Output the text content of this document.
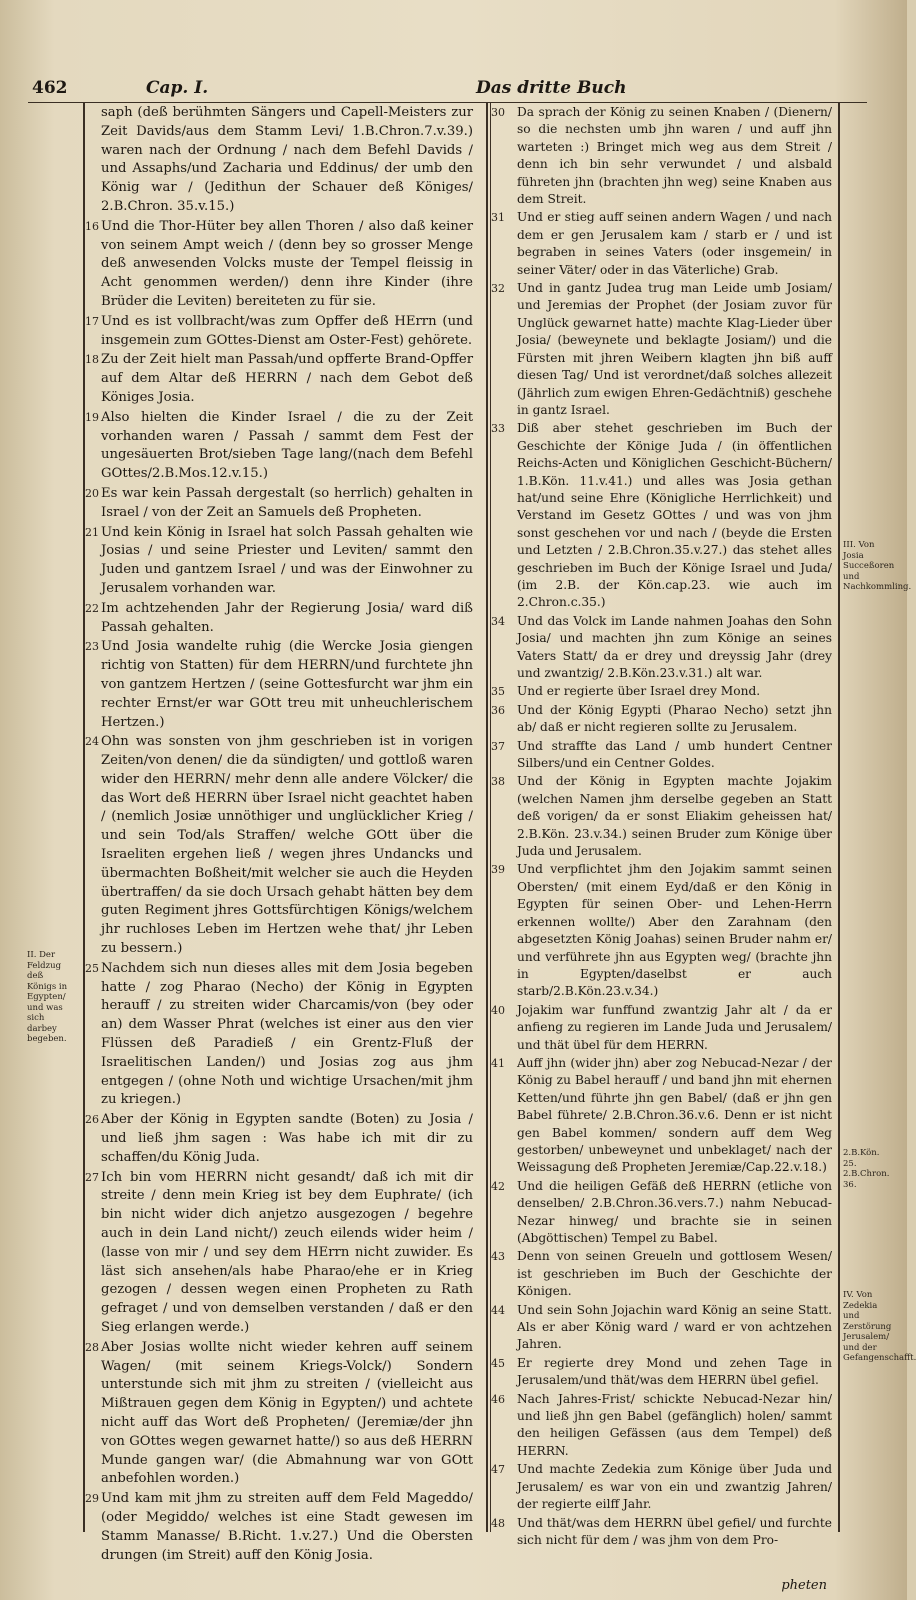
462	Cap. I.	Das dritte Buch
saph (deß berühmten Sängers und Capell-Meisters zur Zeit Davids/aus dem Stamm Levi/ 1.B.Chron.7.v.39.) waren nach der Ordnung / nach dem Befehl Davids / und Assaphs/und Zacharia und Eddinus/ der umb den König war / (Jedithun der Schauer deß Königes/ 2.B.Chron. 35.v.15.)
16 Und die Thor-Hüter bey allen Thoren / also daß keiner von seinem Ampt weich / (denn bey so grosser Menge deß anwesenden Volcks muste der Tempel fleissig in Acht genommen werden/) denn ihre Kinder (ihre Brüder die Leviten) bereiteten zu für sie.
17 Und es ist vollbracht/was zum Opffer deß HErrn (und insgemein zum GOttes-Dienst am Oster-Fest) gehörete.
18 Zu der Zeit hielt man Passah/und opfferte Brand-Opffer auf dem Altar deß HERRN / nach dem Gebot deß Königes Josia.
19 Also hielten die Kinder Israel / die zu der Zeit vorhanden waren / Passah / sammt dem Fest der ungesäuerten Brot/sieben Tage lang/(nach dem Befehl GOttes/2.B.Mos.12.v.15.)
20 Es war kein Passah dergestalt (so herrlich) gehalten in Israel / von der Zeit an Samuels deß Propheten.
21 Und kein König in Israel hat solch Passah gehalten wie Josias / und seine Priester und Leviten/ sammt den Juden und gantzem Israel / und was der Einwohner zu Jerusalem vorhanden war.
22 Im achtzehenden Jahr der Regierung Josia/ ward diß Passah gehalten.
23 Und Josia wandelte ruhig (die Wercke Josia giengen richtig von Statten) für dem HERRN/und furchtete jhn von gantzem Hertzen / (seine Gottesfurcht war jhm ein rechter Ernst/er war GOtt treu mit unheuchlerischem Hertzen.)
24 Ohn was sonsten von jhm geschrieben ist in vorigen Zeiten/von denen/ die da sündigten/ und gottloß waren wider den HERRN/ mehr denn alle andere Völcker/ die das Wort deß HERRN über Israel nicht geachtet haben / (nemlich Josiæ unnöthiger und unglücklicher Krieg / und sein Tod/als Straffen/ welche GOtt über die Israeliten ergehen ließ / wegen jhres Undancks und übermachten Boßheit/mit welcher sie auch die Heyden übertraffen/ da sie doch Ursach gehabt hätten bey dem guten Regiment jhres Gottsfürchtigen Königs/welchem jhr ruchloses Leben im Hertzen wehe that/ jhr Leben zu bessern.)
25 Nachdem sich nun dieses alles mit dem Josia begeben hatte / zog Pharao (Necho) der König in Egypten herauff / zu streiten wider Charcamis/von (bey oder an) dem Wasser Phrat (welches ist einer aus den vier Flüssen deß Paradieß / ein Grentz-Fluß der Israelitischen Landen/) und Josias zog aus jhm entgegen / (ohne Noth und wichtige Ursachen/mit jhm zu kriegen.)
26 Aber der König in Egypten sandte (Boten) zu Josia / und ließ jhm sagen : Was habe ich mit dir zu schaffen/du König Juda.
27 Ich bin vom HERRN nicht gesandt/ daß ich mit dir streite / denn mein Krieg ist bey dem Euphrate/ (ich bin nicht wider dich anjetzo ausgezogen / begehre auch in dein Land nicht/) zeuch eilends wider heim / (lasse von mir / und sey dem HErrn nicht zuwider. Es läst sich ansehen/als habe Pharao/ehe er in Krieg gezogen / dessen wegen einen Propheten zu Rath gefraget / und von demselben verstanden / daß er den Sieg erlangen werde.)
28 Aber Josias wollte nicht wieder kehren auff seinem Wagen/ (mit seinem Kriegs-Volck/) Sondern unterstunde sich mit jhm zu streiten / (vielleicht aus Mißtrauen gegen dem König in Egypten/) und achtete nicht auff das Wort deß Propheten/ (Jeremiæ/der jhn von GOttes wegen gewarnet hatte/) so aus deß HERRN Munde gangen war/ (die Abmahnung war von GOtt anbefohlen worden.)
29 Und kam mit jhm zu streiten auff dem Feld Mageddo/ (oder Megiddo/ welches ist eine Stadt gewesen im Stamm Manasse/ B.Richt. 1.v.27.) Und die Obersten drungen (im Streit) auff den König Josia.
30 Da sprach der König zu seinen Knaben / (Dienern/ so die nechsten umb jhn waren / und auff jhn warteten :) Bringet mich weg aus dem Streit / denn ich bin sehr verwundet / und alsbald führeten jhn (brachten jhn weg) seine Knaben aus dem Streit.
31 Und er stieg auff seinen andern Wagen / und nach dem er gen Jerusalem kam / starb er / und ist begraben in seines Vaters (oder insgemein/ in seiner Väter/ oder in das Väterliche) Grab.
32 Und in gantz Judea trug man Leide umb Josiam/ und Jeremias der Prophet (der Josiam zuvor für Unglück gewarnet hatte) machte Klag-Lieder über Josia/ (beweynete und beklagte Josiam/) und die Fürsten mit jhren Weibern klagten jhn biß auff diesen Tag/ Und ist verordnet/daß solches allezeit (Jährlich zum ewigen Ehren-Gedächtniß) geschehe in gantz Israel.
33 Diß aber stehet geschrieben im Buch der Geschichte der Könige Juda / (in öffentlichen Reichs-Acten und Königlichen Geschicht-Büchern/ 1.B.Kön. 11.v.41.) und alles was Josia gethan hat/und seine Ehre (Königliche Herrlichkeit) und Verstand im Gesetz GOttes / und was von jhm sonst geschehen vor und nach / (beyde die Ersten und Letzten / 2.B.Chron.35.v.27.) das stehet alles geschrieben im Buch der Könige Israel und Juda/ (im 2.B. der Kön.cap.23. wie auch im 2.Chron.c.35.)
34 Und das Volck im Lande nahmen Joahas den Sohn Josia/ und machten jhn zum Könige an seines Vaters Statt/ da er drey und dreyssig Jahr (drey und zwantzig/ 2.B.Kön.23.v.31.) alt war.
35 Und er regierte über Israel drey Mond.
36 Und der König Egypti (Pharao Necho) setzt jhn ab/ daß er nicht regieren sollte zu Jerusalem.
37 Und straffte das Land / umb hundert Centner Silbers/und ein Centner Goldes.
38 Und der König in Egypten machte Jojakim (welchen Namen jhm derselbe gegeben an Statt deß vorigen/ da er sonst Eliakim geheissen hat/ 2.B.Kön. 23.v.34.) seinen Bruder zum Könige über Juda und Jerusalem.
39 Und verpflichtet jhm den Jojakim sammt seinen Obersten/ (mit einem Eyd/daß er den König in Egypten für seinen Ober- und Lehen-Herrn erkennen wollte/) Aber den Zarahnam (den abgesetzten König Joahas) seinen Bruder nahm er/ und verführete jhn aus Egypten weg/ (brachte jhn in Egypten/daselbst er auch starb/2.B.Kön.23.v.34.)
40 Jojakim war funffund zwantzig Jahr alt / da er anfieng zu regieren im Lande Juda und Jerusalem/ und thät übel für dem HERRN.
41 Auff jhn (wider jhn) aber zog Nebucad-Nezar / der König zu Babel herauff / und band jhn mit ehernen Ketten/und führte jhn gen Babel/ (daß er jhn gen Babel führete/ 2.B.Chron.36.v.6. Denn er ist nicht gen Babel kommen/ sondern auff dem Weg gestorben/ unbeweynet und unbeklaget/ nach der Weissagung deß Propheten Jeremiæ/Cap.22.v.18.)
42 Und die heiligen Gefäß deß HERRN (etliche von denselben/ 2.B.Chron.36.vers.7.) nahm Nebucad-Nezar hinweg/ und brachte sie in seinen (Abgöttischen) Tempel zu Babel.
43 Denn von seinen Greueln und gottlosem Wesen/ ist geschrieben im Buch der Geschichte der Königen.
44 Und sein Sohn Jojachin ward König an seine Statt. Als er aber König ward / ward er von achtzehen Jahren.
45 Er regierte drey Mond und zehen Tage in Jerusalem/und thät/was dem HERRN übel gefiel.
46 Nach Jahres-Frist/ schickte Nebucad-Nezar hin/ und ließ jhn gen Babel (gefänglich) holen/ sammt den heiligen Gefässen (aus dem Tempel) deß HERRN.
47 Und machte Zedekia zum Könige über Juda und Jerusalem/ es war von ein und zwantzig Jahren/ der regierte eilff Jahr.
48 Und thät/was dem HERRN übel gefiel/ und furchte sich nicht für dem / was jhm von dem Pro-
II. Der Feldzug deß Königs in Egypten/ und was sich darbey begeben.
III. Von Josia Succeßoren und Nachkommling.
2.B.Kön. 25. 2.B.Chron. 36.
IV. Von Zedekia und Zerstörung Jerusalem/ und der Gefangenschafft.
pheten
